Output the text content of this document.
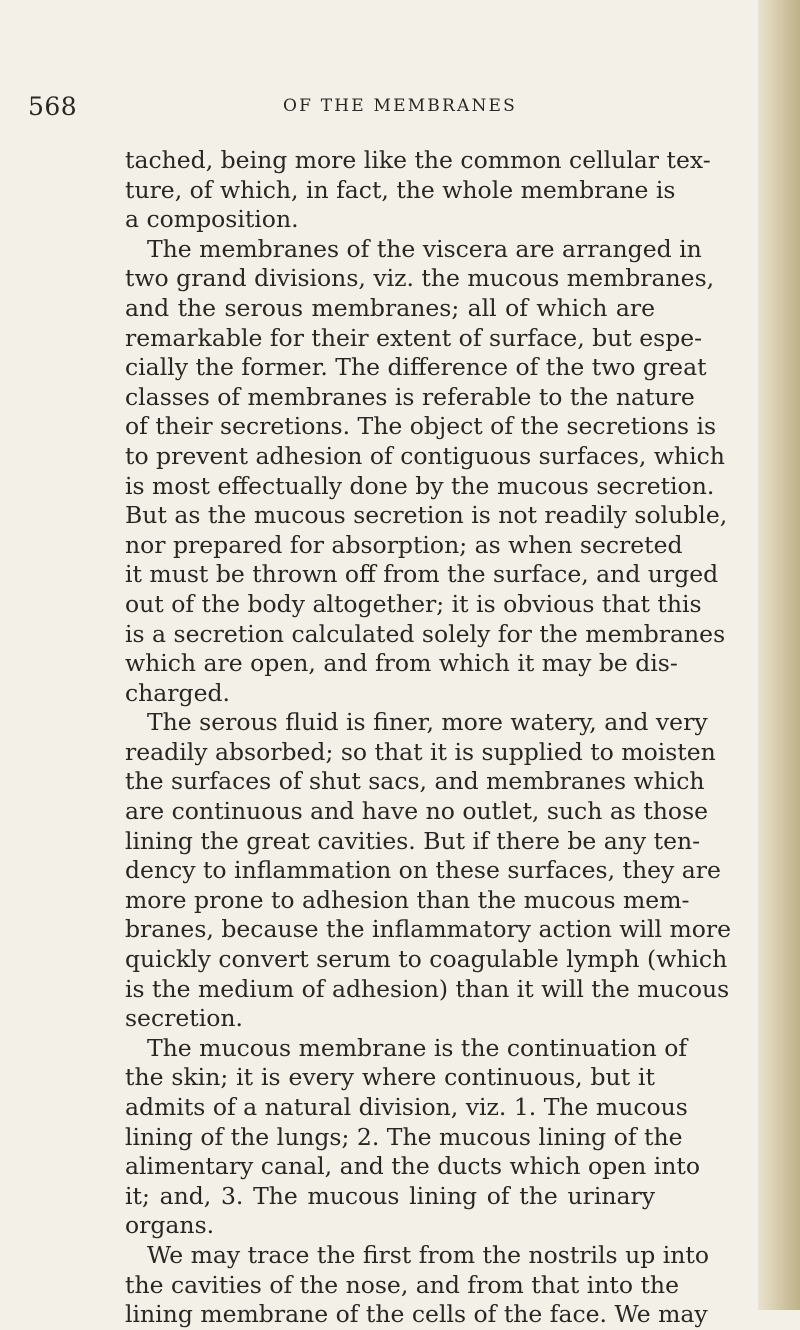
568	OF THE MEMBRANES
tached, being more like the common cellular tex-
ture, of which, in fact, the whole membrane is
a composition.
The membranes of the viscera are arranged in
two grand divisions, viz. the mucous membranes,
and the serous membranes; all of which are
remarkable for their extent of surface, but espe-
cially the former. The difference of the two great
classes of membranes is referable to the nature
of their secretions. The object of the secretions is
to prevent adhesion of contiguous surfaces, which
is most effectually done by the mucous secretion.
But as the mucous secretion is not readily soluble,
nor prepared for absorption; as when secreted
it must be thrown off from the surface, and urged
out of the body altogether; it is obvious that this
is a secretion calculated solely for the membranes
which are open, and from which it may be dis-
charged.
The serous fluid is finer, more watery, and very
readily absorbed; so that it is supplied to moisten
the surfaces of shut sacs, and membranes which
are continuous and have no outlet, such as those
lining the great cavities. But if there be any ten-
dency to inflammation on these surfaces, they are
more prone to adhesion than the mucous mem-
branes, because the inflammatory action will more
quickly convert serum to coagulable lymph (which
is the medium of adhesion) than it will the mucous
secretion.
The mucous membrane is the continuation of
the skin; it is every where continuous, but it
admits of a natural division, viz. 1. The mucous
lining of the lungs; 2. The mucous lining of the
alimentary canal, and the ducts which open into
it; and, 3. The mucous lining of the urinary
organs.
We may trace the first from the nostrils up into
the cavities of the nose, and from that into the
lining membrane of the cells of the face. We may
